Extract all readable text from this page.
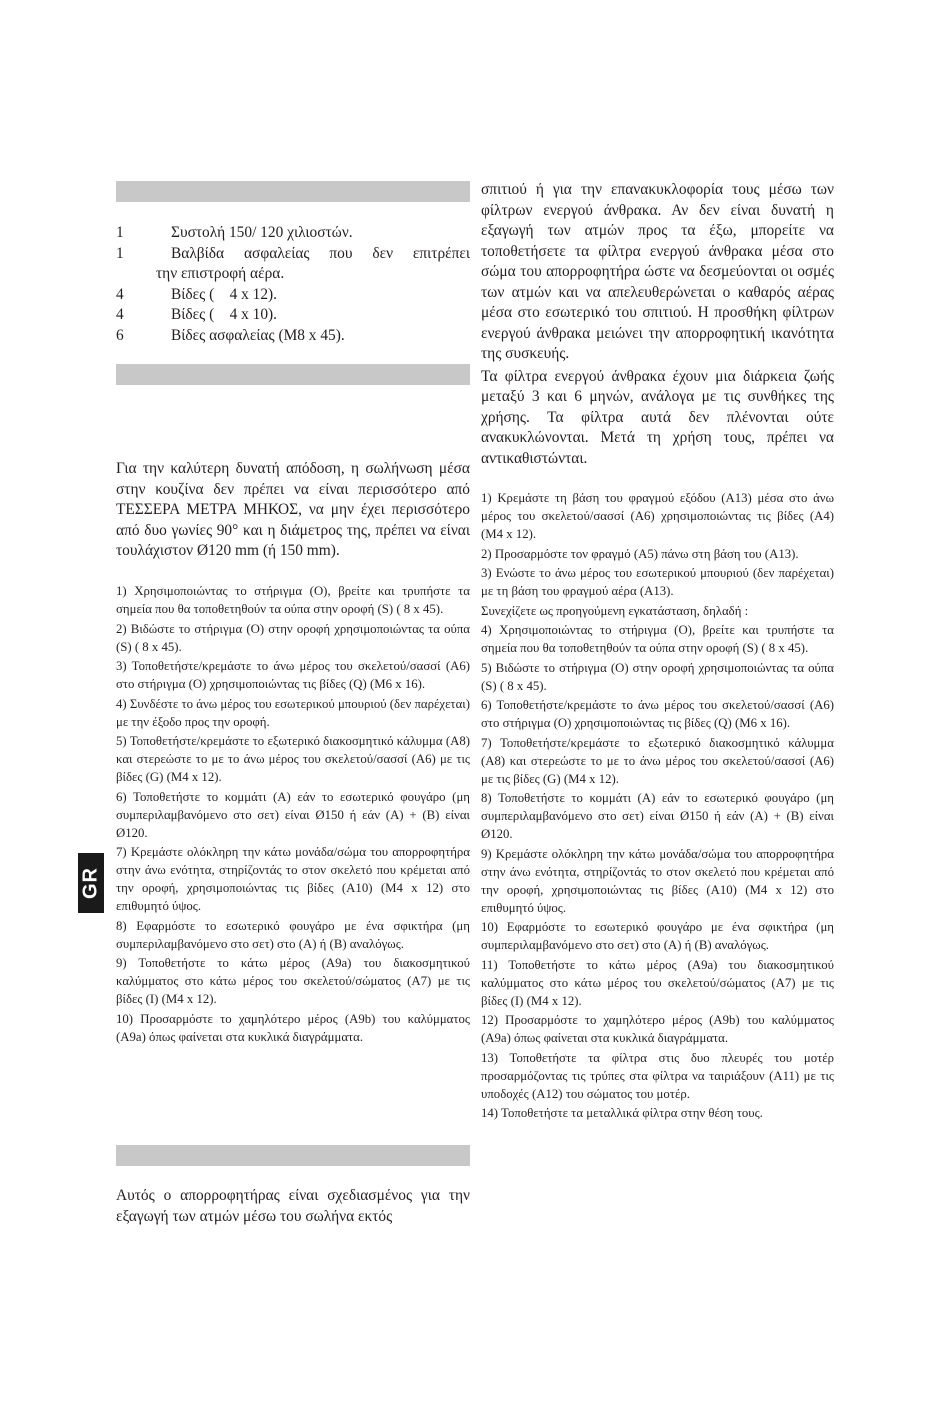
1	Συστολή 150/ 120 χιλιοστών.
1	Βαλβίδα ασφαλείας που δεν επιτρέπει
την επιστροφή αέρα.
4	Βίδες (    4 x 12).
4	Βίδες (    4 x 10).
6	Βίδες ασφαλείας (M8 x 45).

Για την καλύτερη δυνατή απόδοση, η σωλήνωση μέσα στην κουζίνα δεν πρέπει να είναι περισσότερο από ΤΕΣΣΕΡΑ ΜΕΤΡΑ ΜΗΚΟΣ, να μην έχει περισσότερο από δυο γωνίες 90° και η διάμετρος της, πρέπει να είναι τουλάχιστον Ø120 mm (ή 150 mm).

1) Χρησιμοποιώντας το στήριγμα (O), βρείτε και τρυπήστε τα σημεία που θα τοποθετηθούν τα ούπα στην οροφή (S) ( 8 x 45).

2) Βιδώστε το στήριγμα (O) στην οροφή χρησιμοποιώντας τα ούπα (S) ( 8 x 45).

3) Τοποθετήστε/κρεμάστε το άνω μέρος του σκελετού/σασσί (A6) στο στήριγμα (O) χρησιμοποιώντας τις βίδες (Q) (M6 x 16).

4) Συνδέστε το άνω μέρος του εσωτερικού μπουριού (δεν παρέχεται) με την έξοδο προς την οροφή.

5) Τοποθετήστε/κρεμάστε το εξωτερικό διακοσμητικό κάλυμμα (A8) και στερεώστε το με το άνω μέρος του σκελετού/σασσί (A6) με τις βίδες (G) (M4 x 12).

6) Τοποθετήστε το κομμάτι (A) εάν το εσωτερικό φουγάρο (μη συμπεριλαμβανόμενο στο σετ) είναι Ø150 ή εάν (A) + (B) είναι Ø120.

7) Κρεμάστε ολόκληρη την κάτω μονάδα/σώμα του απορροφητήρα στην άνω ενότητα, στηρίζοντάς το στον σκελετό που κρέμεται από την οροφή, χρησιμοποιώντας τις βίδες (A10) (M4 x 12) στο επιθυμητό ύψος.

8) Εφαρμόστε το εσωτερικό φουγάρο με ένα σφικτήρα (μη συμπεριλαμβανόμενο στο σετ) στο (A) ή (B) αναλόγως.

9) Τοποθετήστε το κάτω μέρος (A9a) του διακοσμητικού καλύμματος στο κάτω μέρος του σκελετού/σώματος (A7) με τις βίδες (I) (M4 x 12).

10) Προσαρμόστε το χαμηλότερο μέρος (A9b) του καλύμματος (A9a) όπως φαίνεται στα κυκλικά διαγράμματα.

Αυτός ο απορροφητήρας είναι σχεδιασμένος για την εξαγωγή των ατμών μέσω του σωλήνα εκτός

σπιτιού ή για την επανακυκλοφορία τους μέσω των φίλτρων ενεργού άνθρακα. Αν δεν είναι δυνατή η εξαγωγή των ατμών προς τα έξω, μπορείτε να τοποθετήσετε τα φίλτρα ενεργού άνθρακα μέσα στο σώμα του απορροφητήρα ώστε να δεσμεύονται οι οσμές των ατμών και να απελευθερώνεται ο καθαρός αέρας μέσα στο εσωτερικό του σπιτιού. Η προσθήκη φίλτρων ενεργού άνθρακα μειώνει την απορροφητική ικανότητα της συσκευής.

Τα φίλτρα ενεργού άνθρακα έχουν μια διάρκεια ζωής μεταξύ 3 και 6 μηνών, ανάλογα με τις συνθήκες της χρήσης. Τα φίλτρα αυτά δεν πλένονται ούτε ανακυκλώνονται. Μετά τη χρήση τους, πρέπει να αντικαθιστώνται.

1) Κρεμάστε τη βάση του φραγμού εξόδου (A13) μέσα στο άνω μέρος του σκελετού/σασσί (A6) χρησιμοποιώντας τις βίδες (A4) (M4 x 12).

2) Προσαρμόστε τον φραγμό (A5) πάνω στη βάση του (A13).

3) Ενώστε το άνω μέρος του εσωτερικού μπουριού (δεν παρέχεται) με τη βάση του φραγμού αέρα (A13).

Συνεχίζετε ως προηγούμενη εγκατάσταση, δηλαδή :

4) Χρησιμοποιώντας το στήριγμα (O), βρείτε και τρυπήστε τα σημεία που θα τοποθετηθούν τα ούπα στην οροφή (S) ( 8 x 45).

5) Βιδώστε το στήριγμα (O) στην οροφή χρησιμοποιώντας τα ούπα (S) ( 8 x 45).

6) Τοποθετήστε/κρεμάστε το άνω μέρος του σκελετού/σασσί (A6) στο στήριγμα (O) χρησιμοποιώντας τις βίδες (Q) (M6 x 16).

7) Τοποθετήστε/κρεμάστε το εξωτερικό διακοσμητικό κάλυμμα (A8) και στερεώστε το με το άνω μέρος του σκελετού/σασσί (A6) με τις βίδες (G) (M4 x 12).

8) Τοποθετήστε το κομμάτι (A) εάν το εσωτερικό φουγάρο (μη συμπεριλαμβανόμενο στο σετ) είναι Ø150 ή εάν (A) + (B) είναι Ø120.

9) Κρεμάστε ολόκληρη την κάτω μονάδα/σώμα του απορροφητήρα στην άνω ενότητα, στηρίζοντάς το στον σκελετό που κρέμεται από την οροφή, χρησιμοποιώντας τις βίδες (A10) (M4 x 12) στο επιθυμητό ύψος.

10) Εφαρμόστε το εσωτερικό φουγάρο με ένα σφικτήρα (μη συμπεριλαμβανόμενο στο σετ) στο (A) ή (B) αναλόγως.

11) Τοποθετήστε το κάτω μέρος (A9a) του διακοσμητικού καλύμματος στο κάτω μέρος του σκελετού/σώματος (A7) με τις βίδες (I) (M4 x 12).

12) Προσαρμόστε το χαμηλότερο μέρος (A9b) του καλύμματος (A9a) όπως φαίνεται στα κυκλικά διαγράμματα.

13) Τοποθετήστε τα φίλτρα στις δυο πλευρές του μοτέρ προσαρμόζοντας τις τρύπες στα φίλτρα να ταιριάξουν (A11) με τις υποδοχές (A12) του σώματος του μοτέρ.

14) Τοποθετήστε τα μεταλλικά φίλτρα στην θέση τους.

GR
